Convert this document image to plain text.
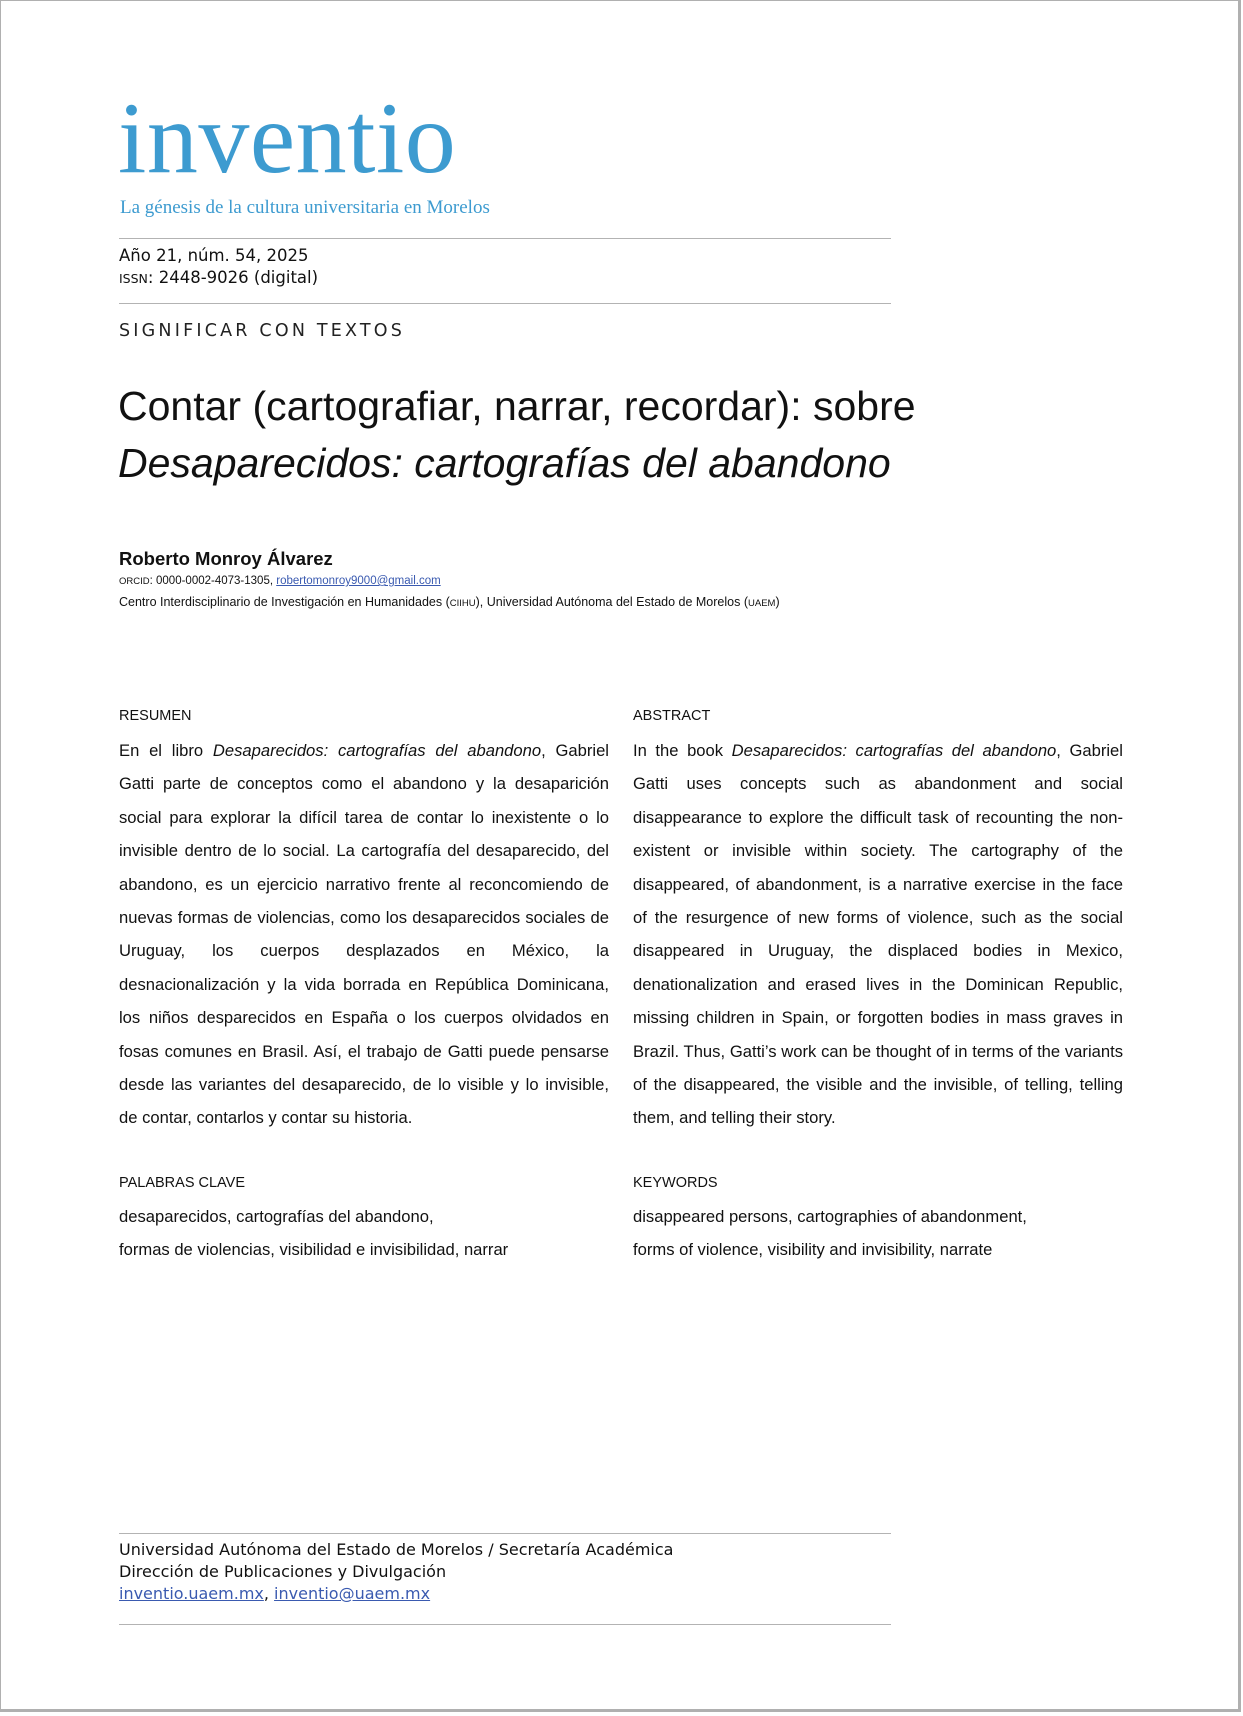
inventio
La génesis de la cultura universitaria en Morelos
Año 21, núm. 54, 2025
ISSN: 2448-9026 (digital)
SIGNIFICAR CON TEXTOS
Contar (cartografiar, narrar, recordar): sobre
Desaparecidos: cartografías del abandono
Roberto Monroy Álvarez
ORCID: 0000-0002-4073-1305, robertomonroy9000@gmail.com
Centro Interdisciplinario de Investigación en Humanidades (CIIHU), Universidad Autónoma del Estado de Morelos (UAEM)
RESUMEN
En el libro Desaparecidos: cartografías del abandono, Gabriel Gatti parte de conceptos como el abandono y la desaparición social para explorar la difícil tarea de contar lo inexistente o lo invisible dentro de lo social. La cartografía del desaparecido, del abandono, es un ejercicio narrativo frente al reconcomiendo de nuevas formas de violencias, como los desaparecidos sociales de Uruguay, los cuerpos desplazados en México, la desnacionalización y la vida borrada en República Dominicana, los niños desparecidos en España o los cuerpos olvidados en fosas comunes en Brasil. Así, el trabajo de Gatti puede pensarse desde las variantes del desaparecido, de lo visible y lo invisible, de contar, contarlos y contar su historia.
ABSTRACT
In the book Desaparecidos: cartografías del abandono, Gabriel Gatti uses concepts such as abandonment and social disappearance to explore the difficult task of recounting the non-existent or invisible within society. The cartography of the disappeared, of abandonment, is a narrative exercise in the face of the resurgence of new forms of violence, such as the social disappeared in Uruguay, the displaced bodies in Mexico, denationalization and erased lives in the Dominican Republic, missing children in Spain, or forgotten bodies in mass graves in Brazil. Thus, Gatti’s work can be thought of in terms of the variants of the disappeared, the visible and the invisible, of telling, telling them, and telling their story.
PALABRAS CLAVE
desaparecidos, cartografías del abandono,
formas de violencias, visibilidad e invisibilidad, narrar
KEYWORDS
disappeared persons, cartographies of abandonment,
forms of violence, visibility and invisibility, narrate
Universidad Autónoma del Estado de Morelos / Secretaría Académica
Dirección de Publicaciones y Divulgación
inventio.uaem.mx, inventio@uaem.mx
